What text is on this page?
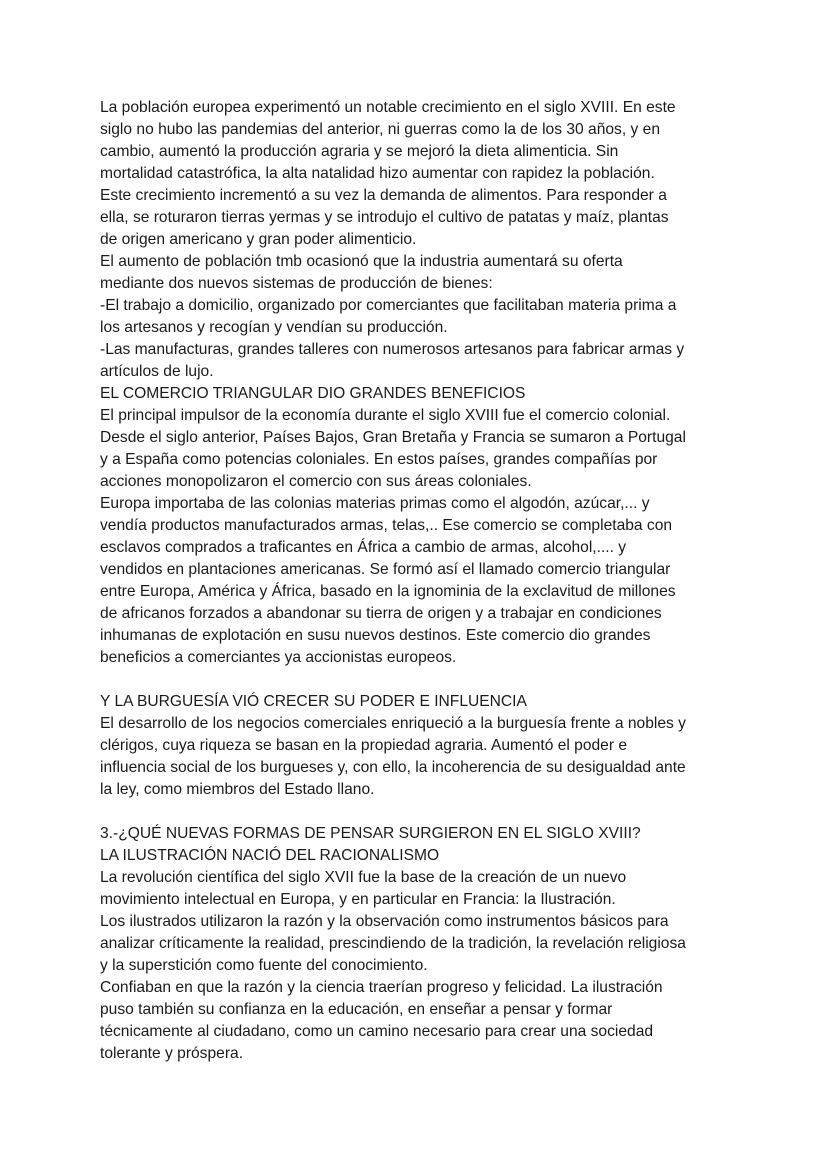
La población europea experimentó un notable crecimiento en el siglo XVIII. En este
siglo no hubo las pandemias del anterior, ni guerras como la de los 30 años, y en
cambio, aumentó la producción agraria y se mejoró la dieta alimenticia. Sin
mortalidad catastrófica, la alta natalidad hizo aumentar con rapidez la población.
Este crecimiento incrementó a su vez la demanda de alimentos. Para responder a
ella, se roturaron tierras yermas y se introdujo el cultivo de patatas y maíz, plantas
de origen americano y gran poder alimenticio.
El aumento de población tmb ocasionó que la industria aumentará su oferta
mediante dos nuevos sistemas de producción de bienes:
-El trabajo a domicilio, organizado por comerciantes que facilitaban materia prima a
los artesanos y recogían y vendían su producción.
-Las manufacturas, grandes talleres con numerosos artesanos para fabricar armas y
artículos de lujo.
EL COMERCIO TRIANGULAR DIO GRANDES BENEFICIOS
El principal impulsor de la economía durante el siglo XVIII fue el comercio colonial.
Desde el siglo anterior, Países Bajos, Gran Bretaña y Francia se sumaron a Portugal
y a España como potencias coloniales. En estos países, grandes compañías por
acciones monopolizaron el comercio con sus áreas coloniales.
Europa importaba de las colonias materias primas como el algodón, azúcar,... y
vendía productos manufacturados armas, telas,.. Ese comercio se completaba con
esclavos comprados a traficantes en África a cambio de armas, alcohol,.... y
vendidos en plantaciones americanas. Se formó así el llamado comercio triangular
entre Europa, América y África, basado en la ignominia de la exclavitud de millones
de africanos forzados a abandonar su tierra de origen y a trabajar en condiciones
inhumanas de explotación en susu nuevos destinos. Este comercio dio grandes
beneficios a comerciantes ya accionistas europeos.
Y LA BURGUESÍA VIÓ CRECER SU PODER E INFLUENCIA
El desarrollo de los negocios comerciales enriqueció a la burguesía frente a nobles y
clérigos, cuya riqueza se basan en la propiedad agraria. Aumentó el poder e
influencia social de los burgueses y, con ello, la incoherencia de su desigualdad ante
la ley, como miembros del Estado llano.
3.-¿QUÉ NUEVAS FORMAS DE PENSAR SURGIERON EN EL SIGLO XVIII?
LA ILUSTRACIÓN NACIÓ DEL RACIONALISMO
La revolución científica del siglo XVII fue la base de la creación de un nuevo
movimiento intelectual en Europa, y en particular en Francia: la Ilustración.
Los ilustrados utilizaron la razón y la observación como instrumentos básicos para
analizar críticamente la realidad, prescindiendo de la tradición, la revelación religiosa
y la superstición como fuente del conocimiento.
Confiaban en que la razón y la ciencia traerían progreso y felicidad. La ilustración
puso también su confianza en la educación, en enseñar a pensar y formar
técnicamente al ciudadano, como un camino necesario para crear una sociedad
tolerante y próspera.
